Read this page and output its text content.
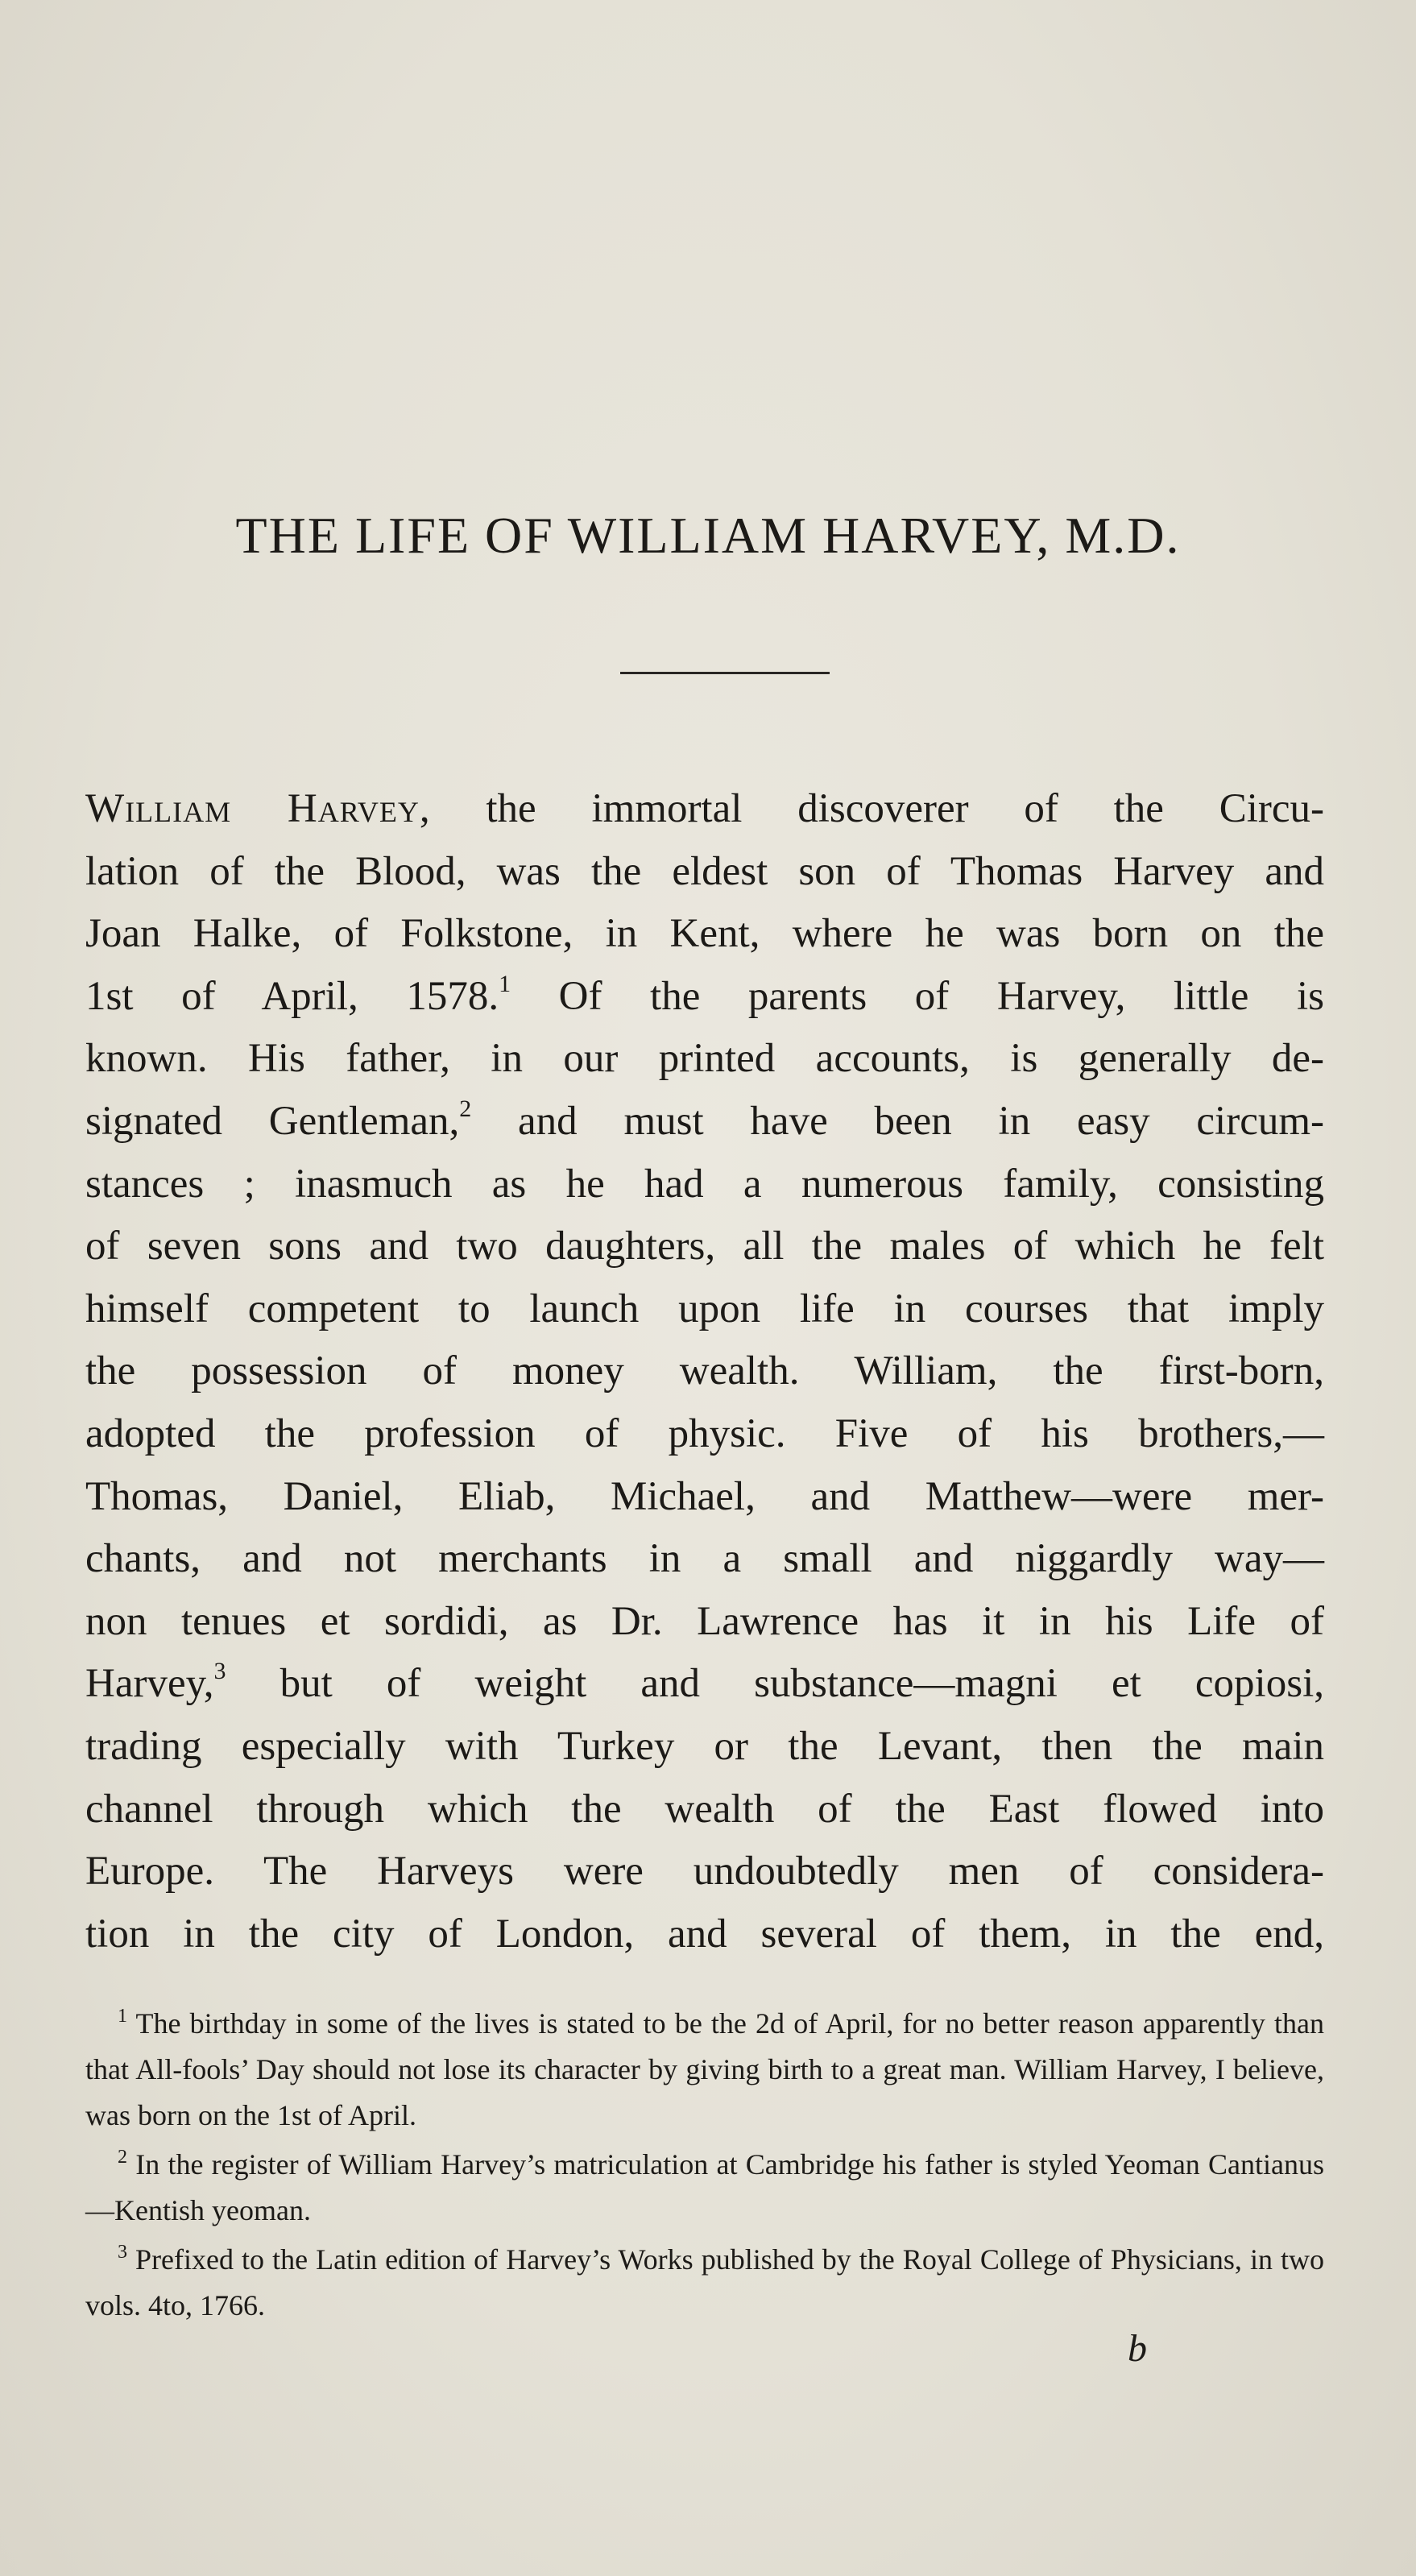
THE LIFE OF WILLIAM HARVEY, M.D.
William Harvey, the immortal discoverer of the Circu-
lation of the Blood, was the eldest son of Thomas Harvey and
Joan Halke, of Folkstone, in Kent, where he was born on the
1st of April, 1578.$^1$ Of the parents of Harvey, little is
known. His father, in our printed accounts, is generally de-
signated Gentleman,$^2$ and must have been in easy circum-
stances ; inasmuch as he had a numerous family, consisting
of seven sons and two daughters, all the males of which he felt
himself competent to launch upon life in courses that imply
the possession of money wealth. William, the first-born,
adopted the profession of physic. Five of his brothers,—
Thomas, Daniel, Eliab, Michael, and Matthew—were mer-
chants, and not merchants in a small and niggardly way—
non tenues et sordidi, as Dr. Lawrence has it in his Life of
Harvey,$^3$ but of weight and substance—magni et copiosi,
trading especially with Turkey or the Levant, then the main
channel through which the wealth of the East flowed into
Europe. The Harveys were undoubtedly men of considera-
tion in the city of London, and several of them, in the end,
$^1$ The birthday in some of the lives is stated to be the 2d of April, for no better reason apparently than that All-fools’ Day should not lose its character by giving birth to a great man. William Harvey, I believe, was born on the 1st of April.
$^2$ In the register of William Harvey’s matriculation at Cambridge his father is styled Yeoman Cantianus—Kentish yeoman.
$^3$ Prefixed to the Latin edition of Harvey’s Works published by the Royal College of Physicians, in two vols. 4to, 1766.
b
